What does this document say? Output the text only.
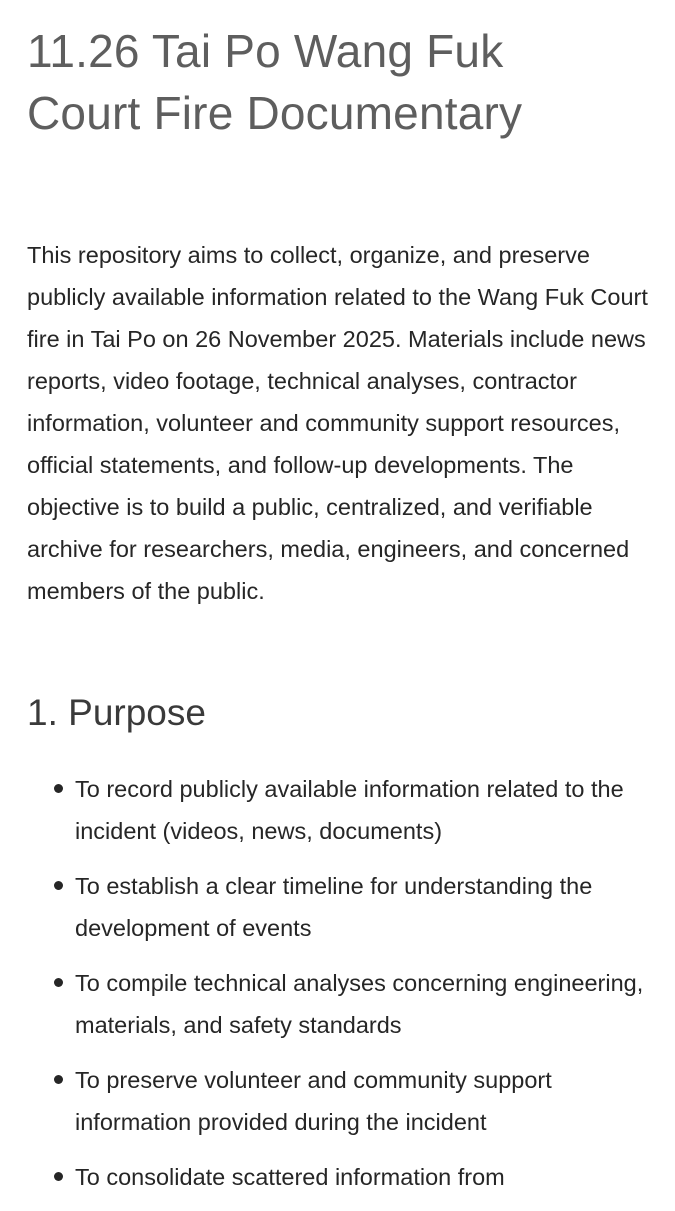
11.26 Tai Po Wang Fuk
Court Fire Documentary

This repository aims to collect, organize, and preserve publicly available information related to the Wang Fuk Court fire in Tai Po on 26 November 2025. Materials include news reports, video footage, technical analyses, contractor information, volunteer and community support resources, official statements, and follow-up developments. The objective is to build a public, centralized, and verifiable archive for researchers, media, engineers, and concerned members of the public.

1. Purpose
To record publicly available information related to the incident (videos, news, documents)
To establish a clear timeline for understanding the development of events
To compile technical analyses concerning engineering, materials, and safety standards
To preserve volunteer and community support information provided during the incident
To consolidate scattered information from
